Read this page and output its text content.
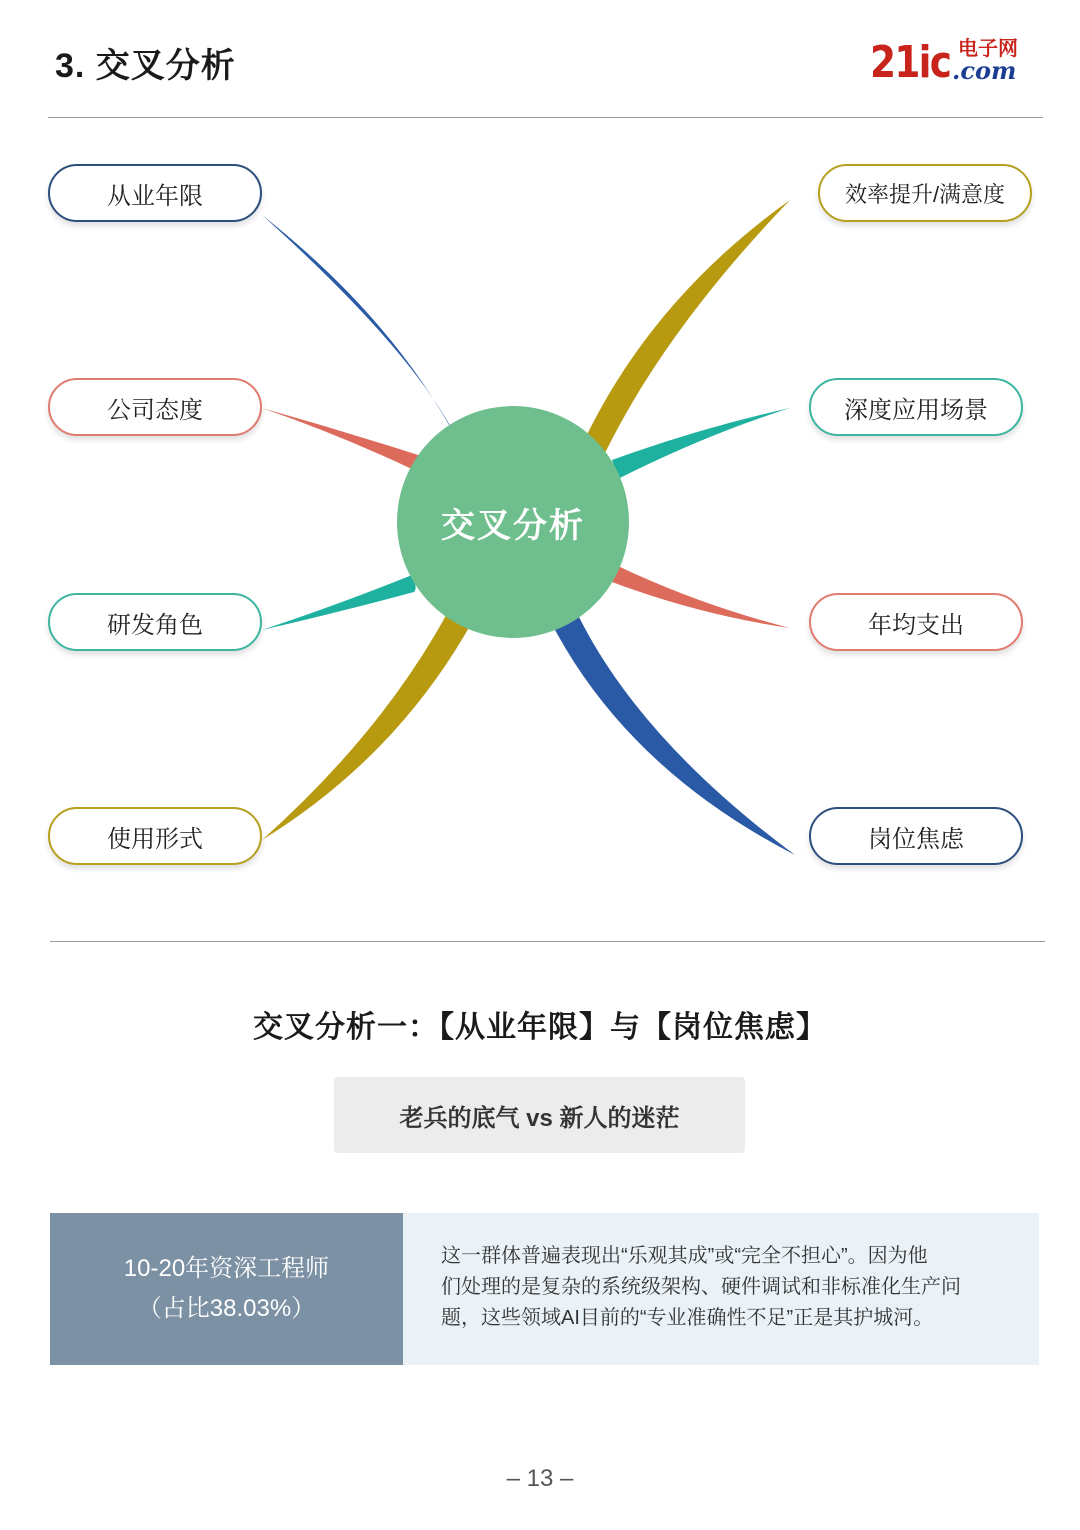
3. 交叉分析	21ic 电子网
.com
交叉分析
从业年限
公司态度
研发角色
使用形式
效率提升/满意度
深度应用场景
年均支出
岗位焦虑
交叉分析一：【从业年限】与【岗位焦虑】
老兵的底气 vs 新人的迷茫
10-20年资深工程师
（占比38.03%）
这一群体普遍表现出“乐观其成”或“完全不担心”。因为他
们处理的是复杂的系统级架构、硬件调试和非标准化生产问
题，这些领域AI目前的“专业准确性不足”正是其护城河。
– 13 –
